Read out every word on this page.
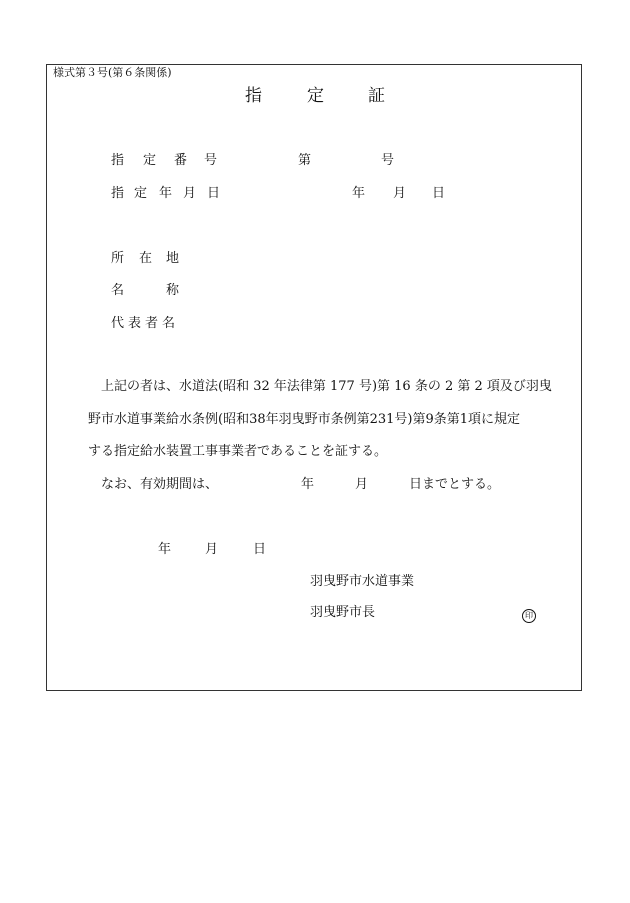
様式第３号(第６条関係)
指	定	証
指 定 番 号	第	号
指 定 年 月 日	年 月 日
所 在 地
名	称
代表者名
上記の者は、水道法(昭和 32 年法律第 177 号)第 16 条の 2 第 2 項及び羽曳
野市水道事業給水条例(昭和38年羽曳野市条例第231号)第9条第1項に規定
する指定給水装置工事事業者であることを証する。
なお、有効期間は、	年	月	日までとする。
年	月	日
羽曳野市水道事業
羽曳野市長	印
